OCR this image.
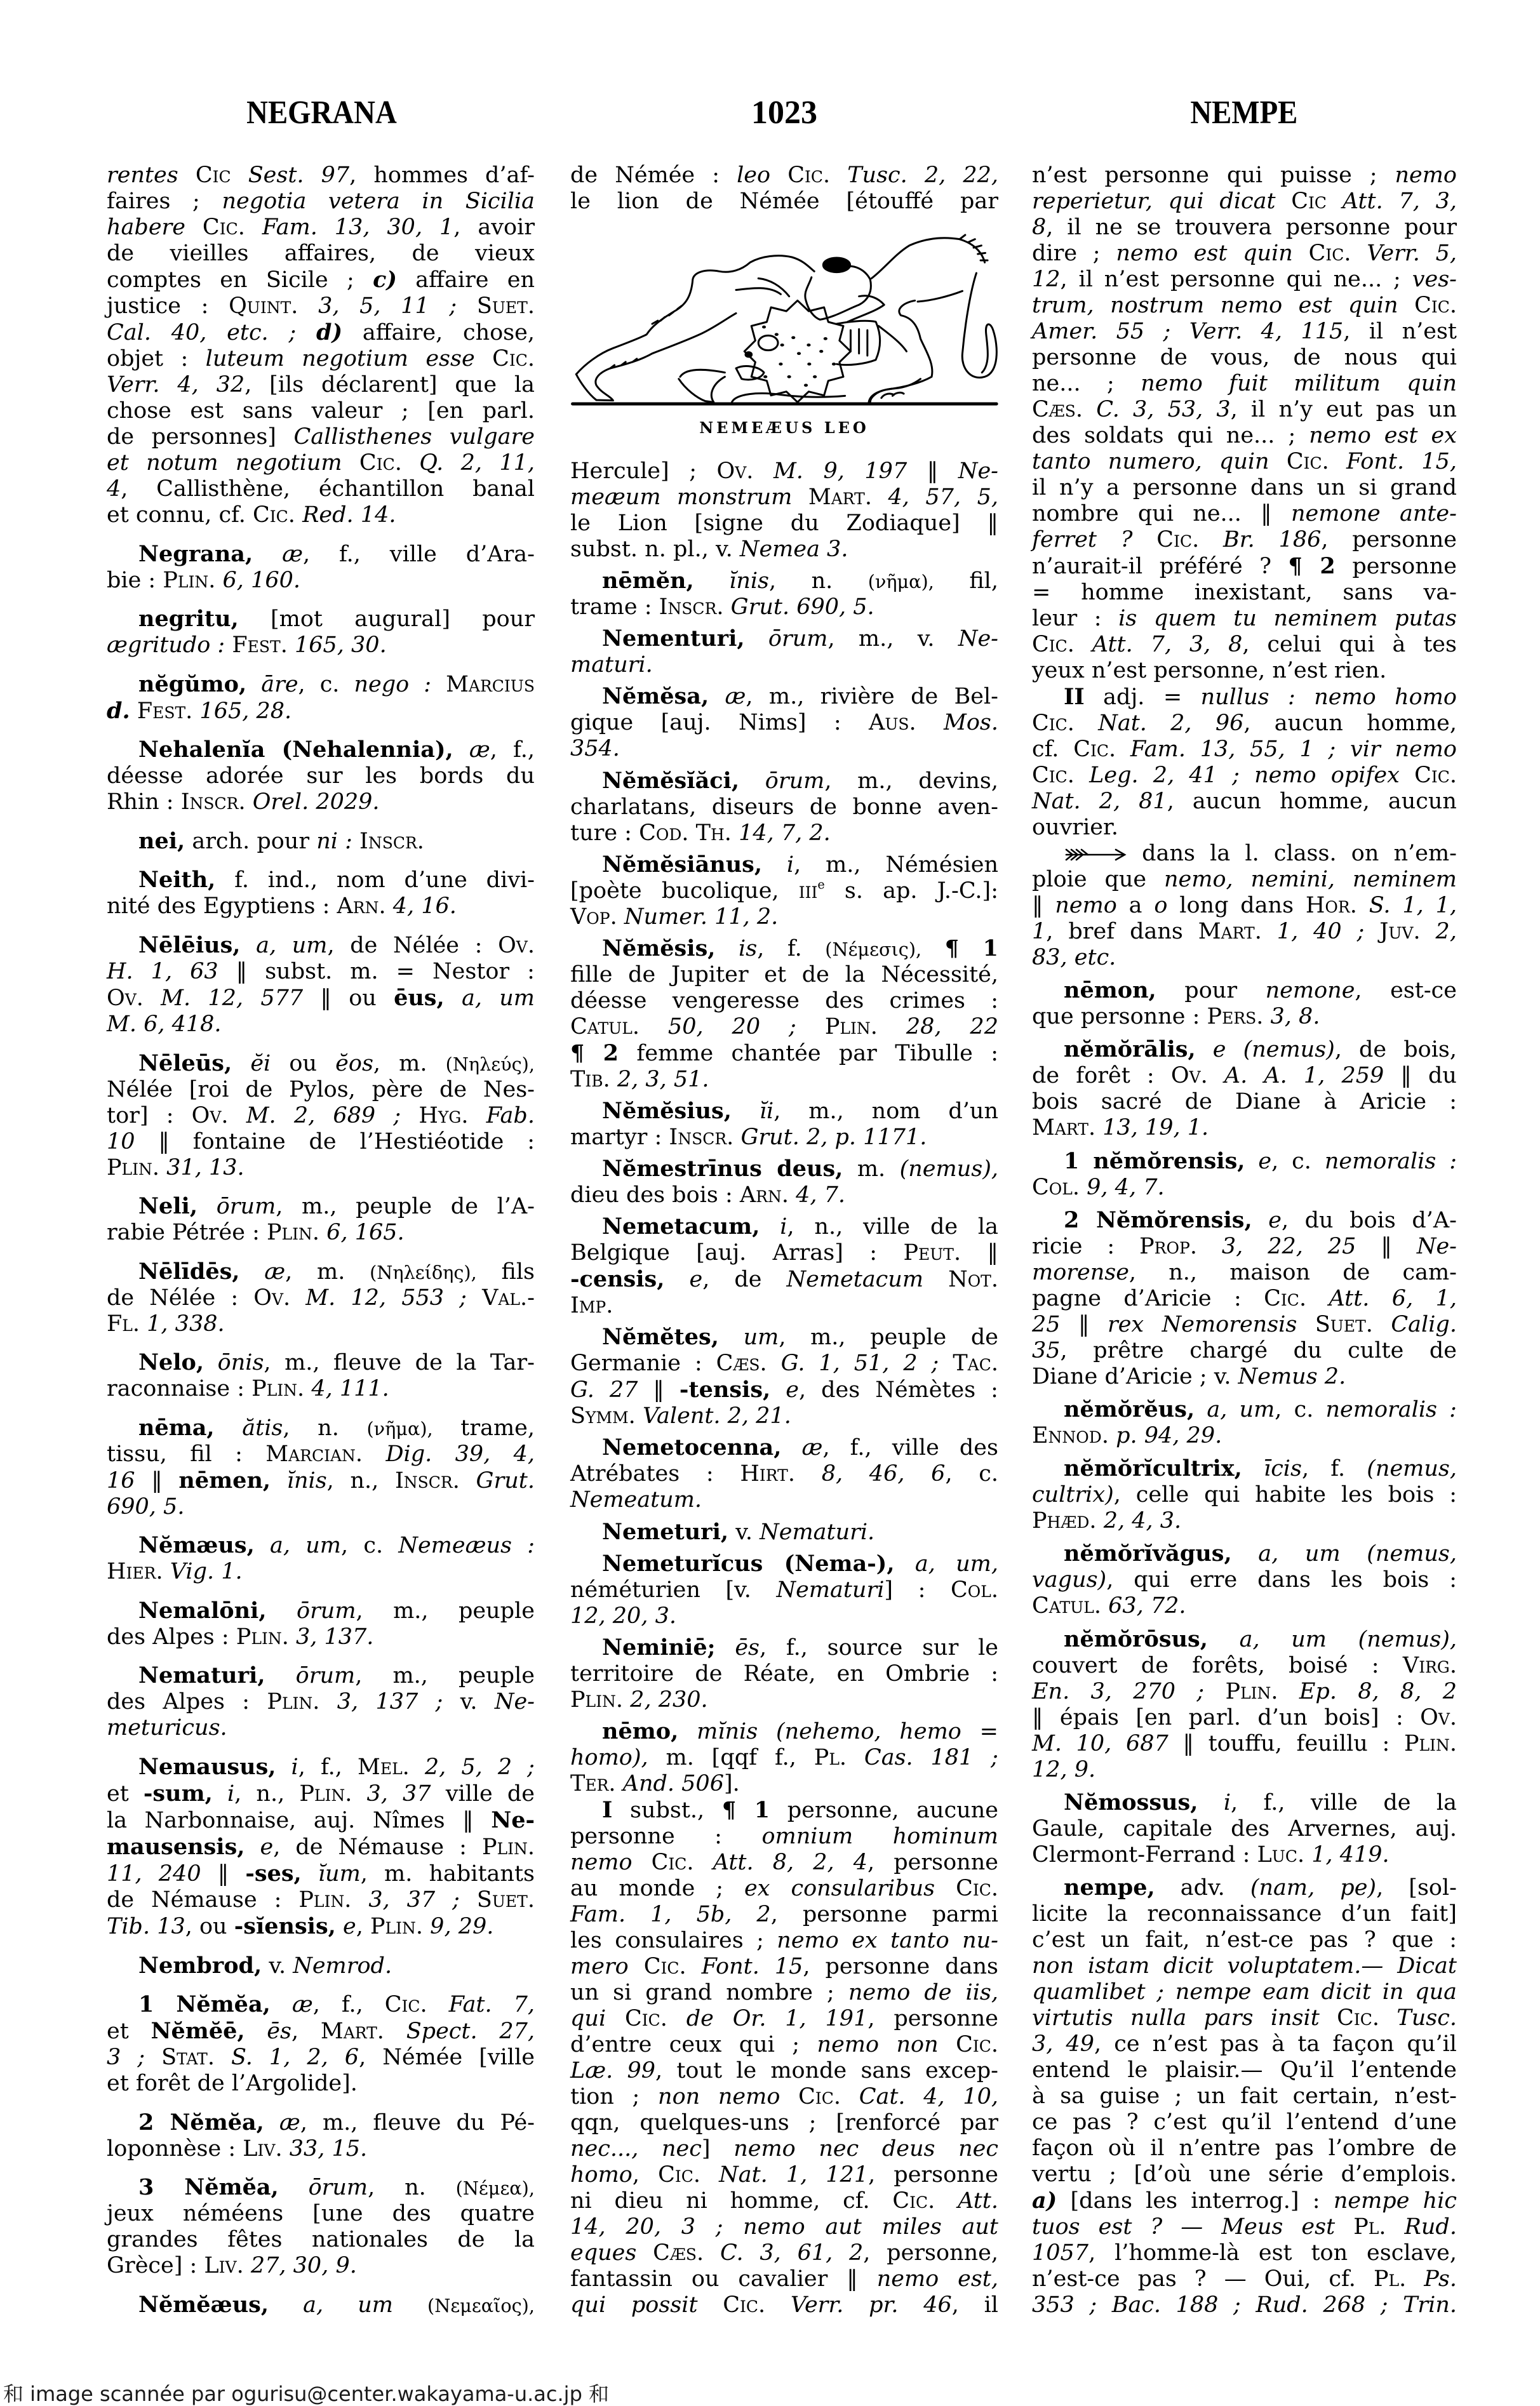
NEGRANA	1023	NEMPE
rentes Cic Sest. 97, hommes d’af-
faires ; negotia vetera in Sicilia
habere Cic. Fam. 13, 30, 1, avoir
de vieilles affaires, de vieux
comptes en Sicile ; c) affaire en
justice : Quint. 3, 5, 11 ; Suet.
Cal. 40, etc. ; d) affaire, chose,
objet : luteum negotium esse Cic.
Verr. 4, 32, [ils déclarent] que la
chose est sans valeur ; [en parl.
de personnes] Callisthenes vulgare
et notum negotium Cic. Q. 2, 11,
4, Callisthène, échantillon banal
et connu, cf. Cic. Red. 14.
Negrana, æ, f., ville d’Ara-
bie : Plin. 6, 160.
negritu, [mot augural] pour
ægritudo : Fest. 165, 30.
nĕgŭmo, āre, c. nego : Marcius
d. Fest. 165, 28.
Nehalenĭa (Nehalennia), æ, f.,
déesse adorée sur les bords du
Rhin : Inscr. Orel. 2029.
nei, arch. pour ni : Inscr.
Neith, f. ind., nom d’une divi-
nité des Egyptiens : Arn. 4, 16.
Nēlēius, a, um, de Nélée : Ov.
H. 1, 63 ‖ subst. m. = Nestor :
Ov. M. 12, 577 ‖ ou ēus, a, um
M. 6, 418.
Nēleūs, ĕi ou ĕos, m. (Νηλεύς),
Nélée [roi de Pylos, père de Nes-
tor] : Ov. M. 2, 689 ; Hyg. Fab.
10 ‖ fontaine de l’Hestiéotide :
Plin. 31, 13.
Neli, ōrum, m., peuple de l’A-
rabie Pétrée : Plin. 6, 165.
Nēlīdēs, æ, m. (Νηλείδης), fils
de Nélée : Ov. M. 12, 553 ; Val.-
Fl. 1, 338.
Nelo, ōnis, m., fleuve de la Tar-
raconnaise : Plin. 4, 111.
nēma, ătis, n. (νῆμα), trame,
tissu, fil : Marcian. Dig. 39, 4,
16 ‖ nēmen, ĭnis, n., Inscr. Grut.
690, 5.
Nĕmæus, a, um, c. Nemeæus :
Hier. Vig. 1.
Nemalōni, ōrum, m., peuple
des Alpes : Plin. 3, 137.
Nematuri, ōrum, m., peuple
des Alpes : Plin. 3, 137 ; v. Ne-
meturicus.
Nemausus, i, f., Mel. 2, 5, 2 ;
et -sum, i, n., Plin. 3, 37 ville de
la Narbonnaise, auj. Nîmes ‖ Ne-
mausensis, e, de Némause : Plin.
11, 240 ‖ -ses, ĭum, m. habitants
de Némause : Plin. 3, 37 ; Suet.
Tib. 13, ou -sĭensis, e, Plin. 9, 29.
Nembrod, v. Nemrod.
1 Nĕmĕa, æ, f., Cic. Fat. 7,
et Nĕmĕē, ēs, Mart. Spect. 27,
3 ; Stat. S. 1, 2, 6, Némée [ville
et forêt de l’Argolide].
2 Nĕmĕa, æ, m., fleuve du Pé-
loponnèse : Liv. 33, 15.
3 Nĕmĕa, ōrum, n. (Νέμεα),
jeux néméens [une des quatre
grandes fêtes nationales de la
Grèce] : Liv. 27, 30, 9.
Nĕmĕæus, a, um (Νεμεαῖος),
de Némée : leo Cic. Tusc. 2, 22,
le lion de Némée [étouffé par
Hercule] ; Ov. M. 9, 197 ‖ Ne-
meæum monstrum Mart. 4, 57, 5,
le Lion [signe du Zodiaque] ‖
subst. n. pl., v. Nemea 3.
nēmĕn, ĭnis, n. (νῆμα), fil,
trame : Inscr. Grut. 690, 5.
Nementuri, ōrum, m., v. Ne-
maturi.
Nĕmĕsa, æ, m., rivière de Bel-
gique [auj. Nims] : Aus. Mos.
354.
Nĕmĕsĭăci, ōrum, m., devins,
charlatans, diseurs de bonne aven-
ture : Cod. Th. 14, 7, 2.
Nĕmĕsiānus, i, m., Némésien
[poète bucolique, iii$^e$ s. ap. J.-C.]:
Vop. Numer. 11, 2.
Nĕmĕsis, is, f. (Νέμεσις), ¶ 1
fille de Jupiter et de la Nécessité,
déesse vengeresse des crimes :
Catul. 50, 20 ; Plin. 28, 22
¶ 2 femme chantée par Tibulle :
Tib. 2, 3, 51.
Nĕmĕsius, ĭi, m., nom d’un
martyr : Inscr. Grut. 2, p. 1171.
Nĕmestrīnus deus, m. (nemus),
dieu des bois : Arn. 4, 7.
Nemetacum, i, n., ville de la
Belgique [auj. Arras] : Peut. ‖
-censis, e, de Nemetacum Not.
Imp.
Nĕmĕtes, um, m., peuple de
Germanie : Cæs. G. 1, 51, 2 ; Tac.
G. 27 ‖ -tensis, e, des Némètes :
Symm. Valent. 2, 21.
Nemetocenna, æ, f., ville des
Atrébates : Hirt. 8, 46, 6, c.
Nemeatum.
Nemeturi, v. Nematuri.
Nemeturĭcus (Nema-), a, um,
néméturien [v. Nematuri] : Col.
12, 20, 3.
Neminiē; ēs, f., source sur le
territoire de Réate, en Ombrie :
Plin. 2, 230.
nēmo, mĭnis (nehemo, hemo =
homo), m. [qqf f., Pl. Cas. 181 ;
Ter. And. 506].
I subst., ¶ 1 personne, aucune
personne : omnium hominum
nemo Cic. Att. 8, 2, 4, personne
au monde ; ex consularibus Cic.
Fam. 1, 5b, 2, personne parmi
les consulaires ; nemo ex tanto nu-
mero Cic. Font. 15, personne dans
un si grand nombre ; nemo de iis,
qui Cic. de Or. 1, 191, personne
d’entre ceux qui ; nemo non Cic.
Læ. 99, tout le monde sans excep-
tion ; non nemo Cic. Cat. 4, 10,
qqn, quelques-uns ; [renforcé par
nec..., nec] nemo nec deus nec
homo, Cic. Nat. 1, 121, personne
ni dieu ni homme, cf. Cic. Att.
14, 20, 3 ; nemo aut miles aut
eques Cæs. C. 3, 61, 2, personne,
fantassin ou cavalier ‖ nemo est,
qui possit Cic. Verr. pr. 46, il
n’est personne qui puisse ; nemo
reperietur, qui dicat Cic Att. 7, 3,
8, il ne se trouvera personne pour
dire ; nemo est quin Cic. Verr. 5,
12, il n’est personne qui ne... ; ves-
trum, nostrum nemo est quin Cic.
Amer. 55 ; Verr. 4, 115, il n’est
personne de vous, de nous qui
ne... ; nemo fuit militum quin
Cæs. C. 3, 53, 3, il n’y eut pas un
des soldats qui ne... ; nemo est ex
tanto numero, quin Cic. Font. 15,
il n’y a personne dans un si grand
nombre qui ne... ‖ nemone ante-
ferret ? Cic. Br. 186, personne
n’aurait-il préféré ? ¶ 2 personne
= homme inexistant, sans va-
leur : is quem tu neminem putas
Cic. Att. 7, 3, 8, celui qui à tes
yeux n’est personne, n’est rien.
II adj. = nullus : nemo homo
Cic. Nat. 2, 96, aucun homme,
cf. Cic. Fam. 13, 55, 1 ; vir nemo
Cic. Leg. 2, 41 ; nemo opifex Cic.
Nat. 2, 81, aucun homme, aucun
ouvrier.
dans la l. class. on n’em-
ploie que nemo, nemini, neminem
‖ nemo a o long dans Hor. S. 1, 1,
1, bref dans Mart. 1, 40 ; Juv. 2,
83, etc.
nēmon, pour nemone, est-ce
que personne : Pers. 3, 8.
nĕmŏrālis, e (nemus), de bois,
de forêt : Ov. A. A. 1, 259 ‖ du
bois sacré de Diane à Aricie :
Mart. 13, 19, 1.
1 nĕmŏrensis, e, c. nemoralis :
Col. 9, 4, 7.
2 Nĕmŏrensis, e, du bois d’A-
ricie : Prop. 3, 22, 25 ‖ Ne-
morense, n., maison de cam-
pagne d’Aricie : Cic. Att. 6, 1,
25 ‖ rex Nemorensis Suet. Calig.
35, prêtre chargé du culte de
Diane d’Aricie ; v. Nemus 2.
nĕmŏrĕus, a, um, c. nemoralis :
Ennod. p. 94, 29.
nĕmŏrĭcultrix, īcis, f. (nemus,
cultrix), celle qui habite les bois :
Phæd. 2, 4, 3.
nĕmŏrĭvăgus, a, um (nemus,
vagus), qui erre dans les bois :
Catul. 63, 72.
nĕmŏrōsus, a, um (nemus),
couvert de forêts, boisé : Virg.
En. 3, 270 ; Plin. Ep. 8, 8, 2
‖ épais [en parl. d’un bois] : Ov.
M. 10, 687 ‖ touffu, feuillu : Plin.
12, 9.
Nĕmossus, i, f., ville de la
Gaule, capitale des Arvernes, auj.
Clermont-Ferrand : Luc. 1, 419.
nempe, adv. (nam, pe), [sol-
licite la reconnaissance d’un fait]
c’est un fait, n’est-ce pas ? que :
non istam dicit voluptatem.— Dicat
quamlibet ; nempe eam dicit in qua
virtutis nulla pars insit Cic. Tusc.
3, 49, ce n’est pas à ta façon qu’il
entend le plaisir.— Qu’il l’entende
à sa guise ; un fait certain, n’est-
ce pas ? c’est qu’il l’entend d’une
façon où il n’entre pas l’ombre de
vertu ; [d’où une série d’emplois.
a) [dans les interrog.] : nempe hic
tuos est ? — Meus est Pl. Rud.
1057, l’homme-là est ton esclave,
n’est-ce pas ? — Oui, cf. Pl. Ps.
353 ; Bac. 188 ; Rud. 268 ; Trin.
NEMEÆUS LEO
和 image scannée par ogurisu@center.wakayama-u.ac.jp 和
